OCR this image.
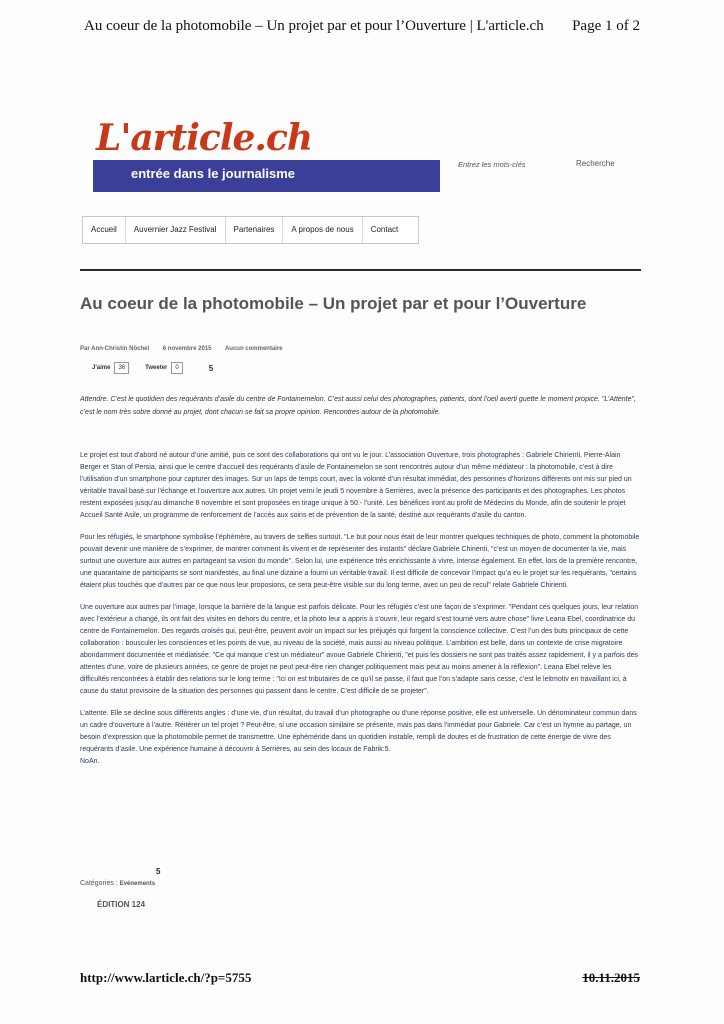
Au coeur de la photomobile – Un projet par et pour l’Ouverture | L'article.ch Page 1 of 2
entrée dans le journalisme
L'article.ch
Entrez les mots-clés
Recherche
Accueil	Auvernier Jazz Festival	Partenaires	A propos de nous	Contact
Au coeur de la photomobile – Un projet par et pour l’Ouverture
Par Ann-Christin Nöchel 6 novembre 2015 Aucun commentaire
J'aime	36	Tweeter	0	5

Attendre. C’est le quotidien des requérants d’asile du centre de Fontainemelon. C’est aussi celui des photographes, patients, dont l’oeil averti guette le moment propice. "L’Attente", c’est le nom très sobre donné au projet, dont chacun se fait sa propre opinion. Rencontres autour de la photomobile.

Le projet est tout d’abord né autour d’une amitié, puis ce sont des collaborations qui ont vu le jour. L’association Ouverture, trois photographes : Gabriele Chirienti, Pierre-Alain Berger et Stan of Persia, ainsi que le centre d’accueil des requérants d’asile de Fontainemelon se sont rencontrés autour d’un même médiateur : la photomobile, c’est à dire l’utilisation d’un smartphone pour capturer des images. Sur un laps de temps court, avec la volonté d’un résultat immédiat, des personnes d’horizons différents ont mis sur pied un véritable travail basé sur l’échange et l’ouverture aux autres. Un projet verni le jeudi 5 novembre à Serrières, avec la présence des participants et des photographes. Les photos restent exposées jusqu’au dimanche 8 novembre et sont proposées en tirage unique à 50.- l’unité. Les bénéfices iront au profit de Médecins du Monde, afin de soutenir le projet Accueil Santé Asile, un programme de renforcement de l’accès aux soins et de prévention de la santé, destiné aux requérants d’asile du canton.

Pour les réfugiés, le smartphone symbolise l’éphémère, au travers de selfies surtout. "Le but pour nous était de leur montrer quelques techniques de photo, comment la photomobile pouvait devenir une manière de s’exprimer, de montrer comment ils vivent et de représenter des instants" déclare Gabriele Chirienti, "c’est un moyen de documenter la vie, mais surtout une ouverture aux autres en partageant sa vision du monde". Selon lui, une expérience très enrichissante à vivre, intense également. En effet, lors de la première rencontre, une quarantaine de participants se sont manifestés, au final une dizaine a fourni un véritable travail. Il est difficile de concevoir l’impact qu’a eu le projet sur les requérants, "certains étaient plus touchés que d’autres par ce que nous leur proposions, ce sera peut-être visible sur du long terme, avec un peu de recul" relate Gabriele Chirienti.

Une ouverture aux autres par l’image, lorsque la barrière de la langue est parfois délicate. Pour les réfugiés c’est une façon de s’exprimer. "Pendant ces quelques jours, leur relation avec l’extérieur a changé, ils ont fait des visites en dehors du centre, et la photo leur a appris à s’ouvrir, leur regard s’est tourné vers autre chose" livre Leana Ebel, coordinatrice du centre de Fontainemelon. Des regards croisés qui, peut-être, peuvent avoir un impact sur les préjugés qui forgent la conscience collective. C’est l’un des buts principaux de cette collaboration : bousculer les consciences et les points de vue, au niveau de la société, mais aussi au niveau politique. L’ambition est belle, dans un contexte de crise migratoire abondamment documentée et médiatisée. "Ce qui manque c’est un médiateur" avoue Gabriele Chirienti, "et puis les dossiers ne sont pas traités assez rapidement, il y a parfois des attentes d’une, voire de plusieurs années, ce genre de projet ne peut peut-être rien changer politiquement mais peut au moins amener à la réflexion". Leana Ebel relève les difficultés rencontrées à établir des relations sur le long terme : "Ici on est tributaires de ce qu’il se passe, il faut que l’on s’adapte sans cesse, c’est le leitmotiv en travaillant ici, à cause du statut provisoire de la situation des personnes qui passent dans le centre. C’est difficile de se projeter".

L’attente. Elle se décline sous différents angles : d’une vie, d’un résultat, du travail d’un photographe ou d’une réponse positive, elle est universelle. Un dénominateur commun dans un cadre d’ouverture à l’autre. Réitérer un tel projet ? Peut-être, si une occasion similaire se présente, mais pas dans l’immédiat pour Gabriele. Car c’est un hymne au partage, un besoin d’expression que la photomobile permet de transmettre. Une éphéméride dans un quotidien instable, rempli de doutes et de frustration de cette énergie de vivre des requérants d’asile. Une expérience humaine à découvrir à Serrières, au sein des locaux de Fabrik:5.
NoAn.

5
Catégories : Evénements
ÉDITION 124
http://www.larticle.ch/?p=5755	10.11.2015
